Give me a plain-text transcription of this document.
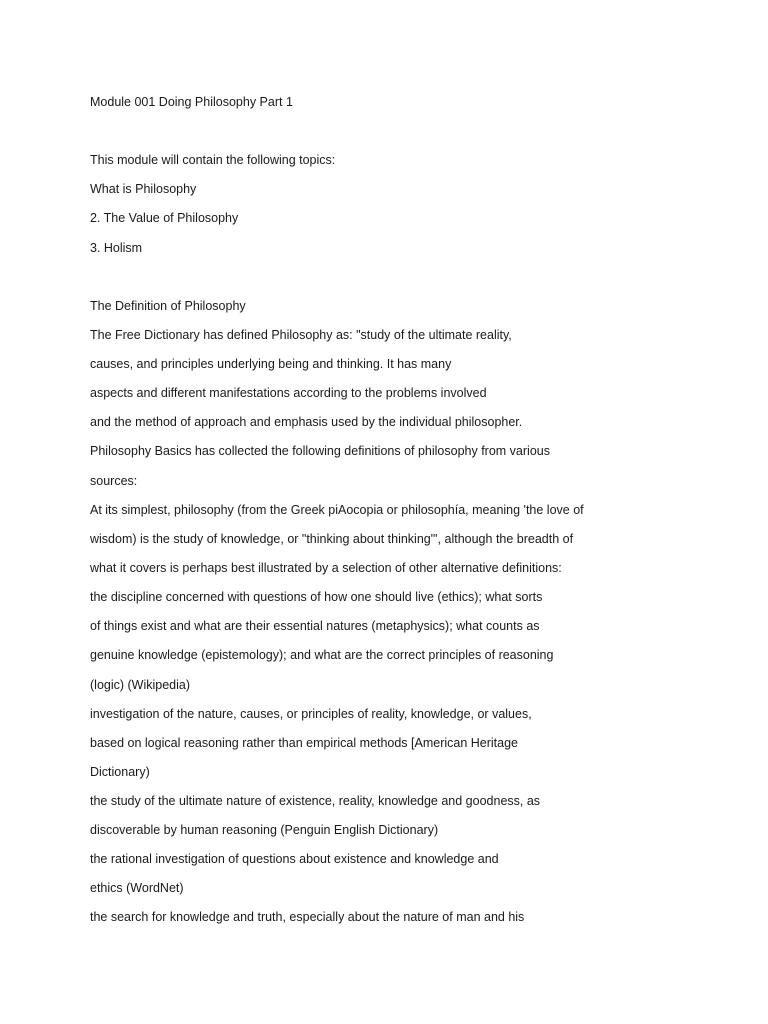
Module 001 Doing Philosophy Part 1
This module will contain the following topics:
What is Philosophy
2. The Value of Philosophy
3. Holism
The Definition of Philosophy
The Free Dictionary has defined Philosophy as: "study of the ultimate reality,
causes, and principles underlying being and thinking. It has many
aspects and different manifestations according to the problems involved
and the method of approach and emphasis used by the individual philosopher.
Philosophy Basics has collected the following definitions of philosophy from various
sources:
At its simplest, philosophy (from the Greek piAocopia or philosophía, meaning 'the love of
wisdom) is the study of knowledge, or "thinking about thinking"', although the breadth of
what it covers is perhaps best illustrated by a selection of other alternative definitions:
the discipline concerned with questions of how one should live (ethics); what sorts
of things exist and what are their essential natures (metaphysics); what counts as
genuine knowledge (epistemology); and what are the correct principles of reasoning
(logic) (Wikipedia)
investigation of the nature, causes, or principles of reality, knowledge, or values,
based on logical reasoning rather than empirical methods [American Heritage
Dictionary)
the study of the ultimate nature of existence, reality, knowledge and goodness, as
discoverable by human reasoning (Penguin English Dictionary)
the rational investigation of questions about existence and knowledge and
ethics (WordNet)
the search for knowledge and truth, especially about the nature of man and his
